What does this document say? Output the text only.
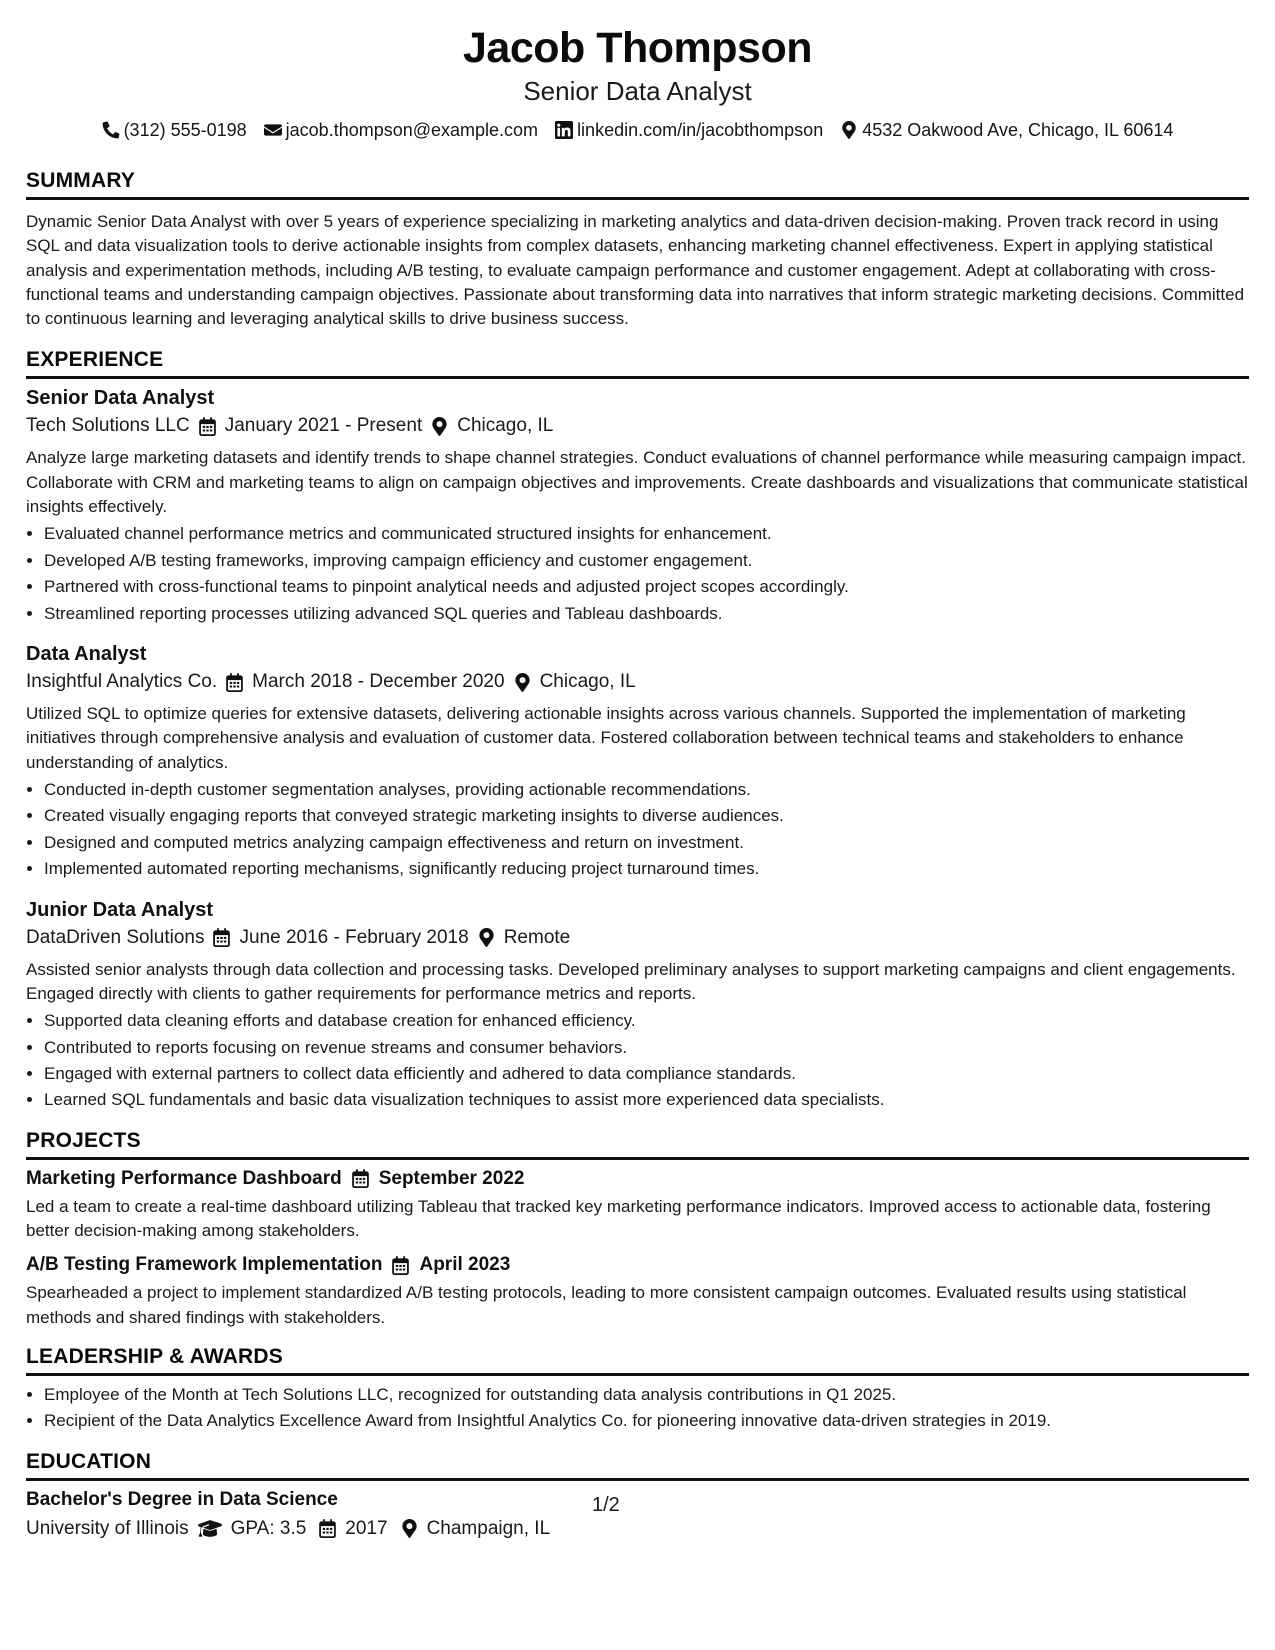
Jacob Thompson
Senior Data Analyst
(312) 555-0198 jacob.thompson@example.com linkedin.com/in/jacobthompson 4532 Oakwood Ave, Chicago, IL 60614
SUMMARY

Dynamic Senior Data Analyst with over 5 years of experience specializing in marketing analytics and data-driven decision-making. Proven track record in using SQL and data visualization tools to derive actionable insights from complex datasets, enhancing marketing channel effectiveness. Expert in applying statistical analysis and experimentation methods, including A/B testing, to evaluate campaign performance and customer engagement. Adept at collaborating with cross-functional teams and understanding campaign objectives. Passionate about transforming data into narratives that inform strategic marketing decisions. Committed to continuous learning and leveraging analytical skills to drive business success.

EXPERIENCE
Senior Data Analyst
Tech Solutions LLC January 2021 - Present Chicago, IL

Analyze large marketing datasets and identify trends to shape channel strategies. Conduct evaluations of channel performance while measuring campaign impact. Collaborate with CRM and marketing teams to align on campaign objectives and improvements. Create dashboards and visualizations that communicate statistical insights effectively.

• Evaluated channel performance metrics and communicated structured insights for enhancement.
• Developed A/B testing frameworks, improving campaign efficiency and customer engagement.
• Partnered with cross-functional teams to pinpoint analytical needs and adjusted project scopes accordingly.
• Streamlined reporting processes utilizing advanced SQL queries and Tableau dashboards.
Data Analyst
Insightful Analytics Co. March 2018 - December 2020 Chicago, IL

Utilized SQL to optimize queries for extensive datasets, delivering actionable insights across various channels. Supported the implementation of marketing initiatives through comprehensive analysis and evaluation of customer data. Fostered collaboration between technical teams and stakeholders to enhance understanding of analytics.

• Conducted in-depth customer segmentation analyses, providing actionable recommendations.
• Created visually engaging reports that conveyed strategic marketing insights to diverse audiences.
• Designed and computed metrics analyzing campaign effectiveness and return on investment.
• Implemented automated reporting mechanisms, significantly reducing project turnaround times.
Junior Data Analyst
DataDriven Solutions June 2016 - February 2018 Remote

Assisted senior analysts through data collection and processing tasks. Developed preliminary analyses to support marketing campaigns and client engagements. Engaged directly with clients to gather requirements for performance metrics and reports.

• Supported data cleaning efforts and database creation for enhanced efficiency.
• Contributed to reports focusing on revenue streams and consumer behaviors.
• Engaged with external partners to collect data efficiently and adhered to data compliance standards.
• Learned SQL fundamentals and basic data visualization techniques to assist more experienced data specialists.
PROJECTS
Marketing Performance Dashboard September 2022

Led a team to create a real-time dashboard utilizing Tableau that tracked key marketing performance indicators. Improved access to actionable data, fostering better decision-making among stakeholders.

A/B Testing Framework Implementation April 2023

Spearheaded a project to implement standardized A/B testing protocols, leading to more consistent campaign outcomes. Evaluated results using statistical methods and shared findings with stakeholders.

LEADERSHIP & AWARDS
• Employee of the Month at Tech Solutions LLC, recognized for outstanding data analysis contributions in Q1 2025.
• Recipient of the Data Analytics Excellence Award from Insightful Analytics Co. for pioneering innovative data-driven strategies in 2019.
EDUCATION
Bachelor's Degree in Data Science
University of Illinois GPA: 3.5 2017 Champaign, IL
1/2
